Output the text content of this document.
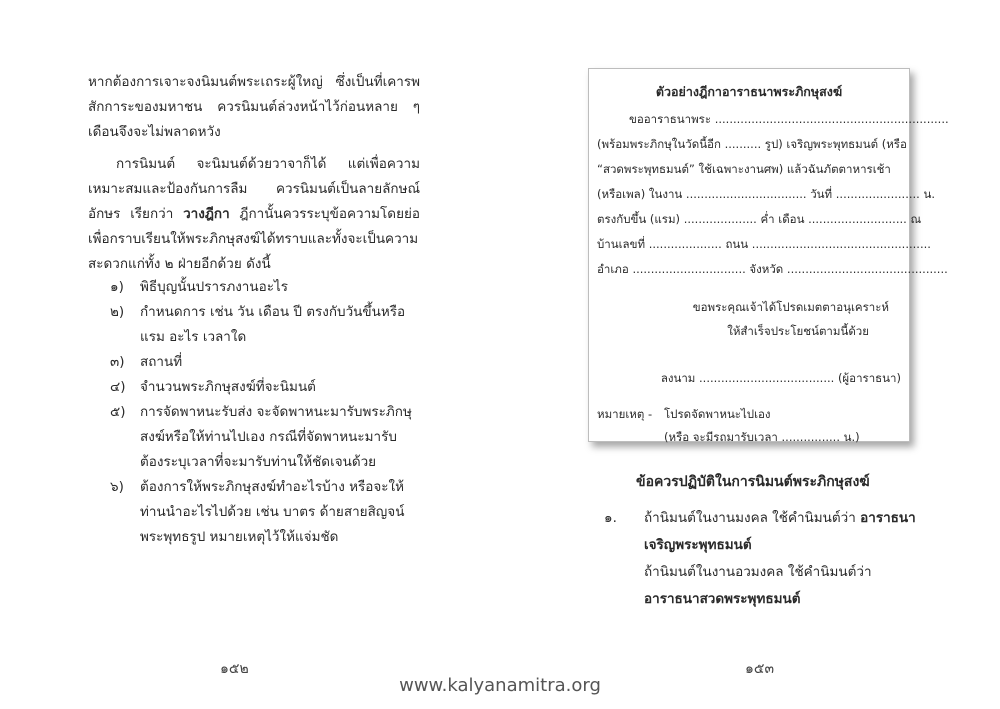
หากต้องการเจาะจงนิมนต์พระเถระผู้ใหญ่ ซึ่งเป็นที่เคารพสักการะของมหาชน ควรนิมนต์ล่วงหน้าไว้ก่อนหลาย ๆ เดือนจึงจะไม่พลาดหวัง
การนิมนต์ จะนิมนต์ด้วยวาจาก็ได้ แต่เพื่อความเหมาะสมและป้องกันการลืม ควรนิมนต์เป็นลายลักษณ์อักษร เรียกว่า วางฎีกา ฎีกานั้นควรระบุข้อความโดยย่อ เพื่อกราบเรียนให้พระภิกษุสงฆ์ได้ทราบและทั้งจะเป็นความสะดวกแก่ทั้ง ๒ ฝ่ายอีกด้วย ดังนี้
๑) พิธีบุญนั้นปรารภงานอะไร
๒) กำหนดการ เช่น วัน เดือน ปี ตรงกับวันขึ้นหรือแรม อะไร เวลาใด
๓) สถานที่
๔) จำนวนพระภิกษุสงฆ์ที่จะนิมนต์
๕) การจัดพาหนะรับส่ง จะจัดพาหนะมารับพระภิกษุสงฆ์หรือให้ท่านไปเอง กรณีที่จัดพาหนะมารับ ต้องระบุเวลาที่จะมารับท่านให้ชัดเจนด้วย
๖) ต้องการให้พระภิกษุสงฆ์ทำอะไรบ้าง หรือจะให้ท่านนำอะไรไปด้วย เช่น บาตร ด้ายสายสิญจน์ พระพุทธรูป หมายเหตุไว้ให้แจ่มชัด
๑๕๒
ตัวอย่างฎีกาอาราธนาพระภิกษุสงฆ์
ขออาราธนาพระ ................................................................
(พร้อมพระภิกษุในวัดนี้อีก .......... รูป) เจริญพระพุทธมนต์ (หรือ
“สวดพระพุทธมนต์” ใช้เฉพาะงานศพ) แล้วฉันภัตตาหารเช้า
(หรือเพล) ในงาน ................................. วันที่ ....................... น.
ตรงกับขึ้น (แรม) .................... ค่ำ เดือน ........................... ณ
บ้านเลขที่ .................... ถนน .................................................
อำเภอ ............................... จังหวัด ............................................
ขอพระคุณเจ้าได้โปรดเมตตาอนุเคราะห์
ให้สำเร็จประโยชน์ตามนี้ด้วย
ลงนาม ..................................... (ผู้อาราธนา)
หมายเหตุ - โปรดจัดพาหนะไปเอง
(หรือ จะมีรถมารับเวลา ................ น.)
ข้อควรปฏิบัติในการนิมนต์พระภิกษุสงฆ์
๑. ถ้านิมนต์ในงานมงคล ใช้คำนิมนต์ว่า อาราธนาเจริญพระพุทธมนต์
ถ้านิมนต์ในงานอวมงคล ใช้คำนิมนต์ว่า
อาราธนาสวดพระพุทธมนต์
๑๕๓
www.kalyanamitra.org
